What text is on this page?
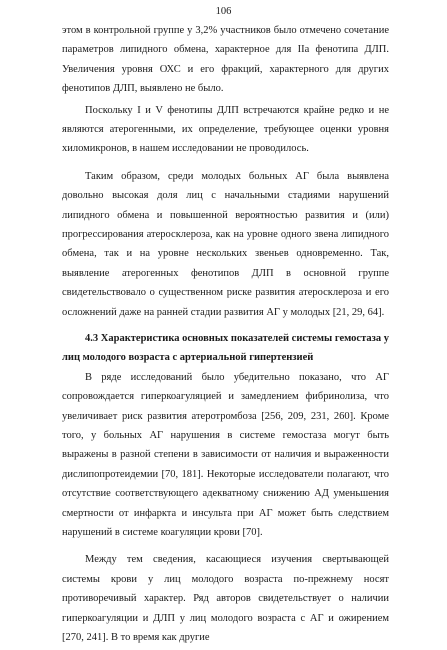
106

этом в контрольной группе у 3,2% участников было отмечено сочетание параметров липидного обмена, характерное для IIa фенотипа ДЛП. Увеличения уровня ОХС и его фракций, характерного для других фенотипов ДЛП, выявлено не было.

Поскольку I и V фенотипы ДЛП встречаются крайне редко и не являются атерогенными, их определение, требующее оценки уровня хиломикронов, в нашем исследовании не проводилось.

Таким образом, среди молодых больных АГ была выявлена довольно высокая доля лиц с начальными стадиями нарушений липидного обмена и повышенной вероятностью развития и (или) прогрессирования атеросклероза, как на уровне одного звена липидного обмена, так и на уровне нескольких звеньев одновременно. Так, выявление атерогенных фенотипов ДЛП в основной группе свидетельствовало о существенном риске развития атеросклероза и его осложнений даже на ранней стадии развития АГ у молодых [21, 29, 64].

4.3 Характеристика основных показателей системы гемостаза у лиц молодого возраста с артериальной гипертензией

В ряде исследований было убедительно показано, что АГ сопровождается гиперкоагуляцией и замедлением фибринолиза, что увеличивает риск развития атеротромбоза [256, 209, 231, 260]. Кроме того, у больных АГ нарушения в системе гемостаза могут быть выражены в разной степени в зависимости от наличия и выраженности дислипопротеидемии [70, 181]. Некоторые исследователи полагают, что отсутствие соответствующего адекватному снижению АД уменьшения смертности от инфаркта и инсульта при АГ может быть следствием нарушений в системе коагуляции крови [70].

Между тем сведения, касающиеся изучения свертывающей системы крови у лиц молодого возраста по-прежнему носят противоречивый характер. Ряд авторов свидетельствует о наличии гиперкоагуляции и ДЛП у лиц молодого возраста с АГ и ожирением [270, 241]. В то время как другие
